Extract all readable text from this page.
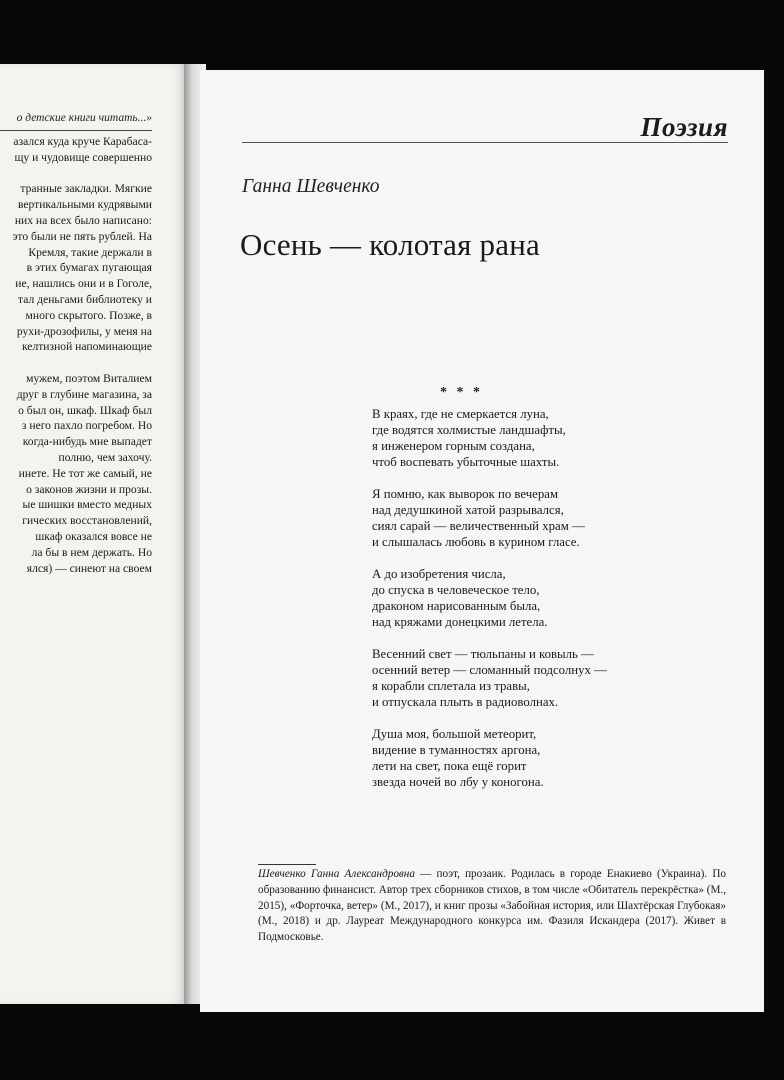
о детские книги читать...»
азался куда круче Карабаса-
щу и чудовище совершенно
транные закладки. Мягкие
вертикальными кудрявыми
них на всех было написано:
это были не пять рублей. На
Кремля, такие держали в
в этих бумагах пугающая
ие, нашлись они и в Гоголе,
тал деньгами библиотеку и
много скрытого. Позже, в
рухи-дрозофилы, у меня на
келтизной напоминающие
мужем, поэтом Виталием
друг в глубине магазина, за
о был он, шкаф. Шкаф был
з него пахло погребом. Но
когда-нибудь мне выпадет
полню, чем захочу.
инете. Не тот же самый, не
о законов жизни и прозы.
ые шишки вместо медных
гических восстановлений,
шкаф оказался вовсе не
ла бы в нем держать. Но
ялся) — синеют на своем
Поэзия
Ганна Шевченко
Осень — колотая рана
* * *
В краях, где не смеркается луна,
где водятся холмистые ландшафты,
я инженером горным создана,
чтоб воспевать убыточные шахты.
Я помню, как выворок по вечерам
над дедушкиной хатой разрывался,
сиял сарай — величественный храм —
и слышалась любовь в курином гласе.
А до изобретения числа,
до спуска в человеческое тело,
драконом нарисованным была,
над кряжами донецкими летела.
Весенний свет — тюльпаны и ковыль —
осенний ветер — сломанный подсолнух —
я корабли сплетала из травы,
и отпускала плыть в радиоволнах.
Душа моя, большой метеорит,
видение в туманностях аргона,
лети на свет, пока ещё горит
звезда ночей во лбу у коногона.
Шевченко Ганна Александровна — поэт, прозаик. Родилась в городе Енакиево (Украина). По образованию финансист. Автор трех сборников стихов, в том числе «Обитатель перекрёстка» (М., 2015), «Форточка, ветер» (М., 2017), и книг прозы «Забойная история, или Шахтёрская Глубокая» (М., 2018) и др. Лауреат Международного конкурса им. Фазиля Искандера (2017). Живет в Подмосковье.
